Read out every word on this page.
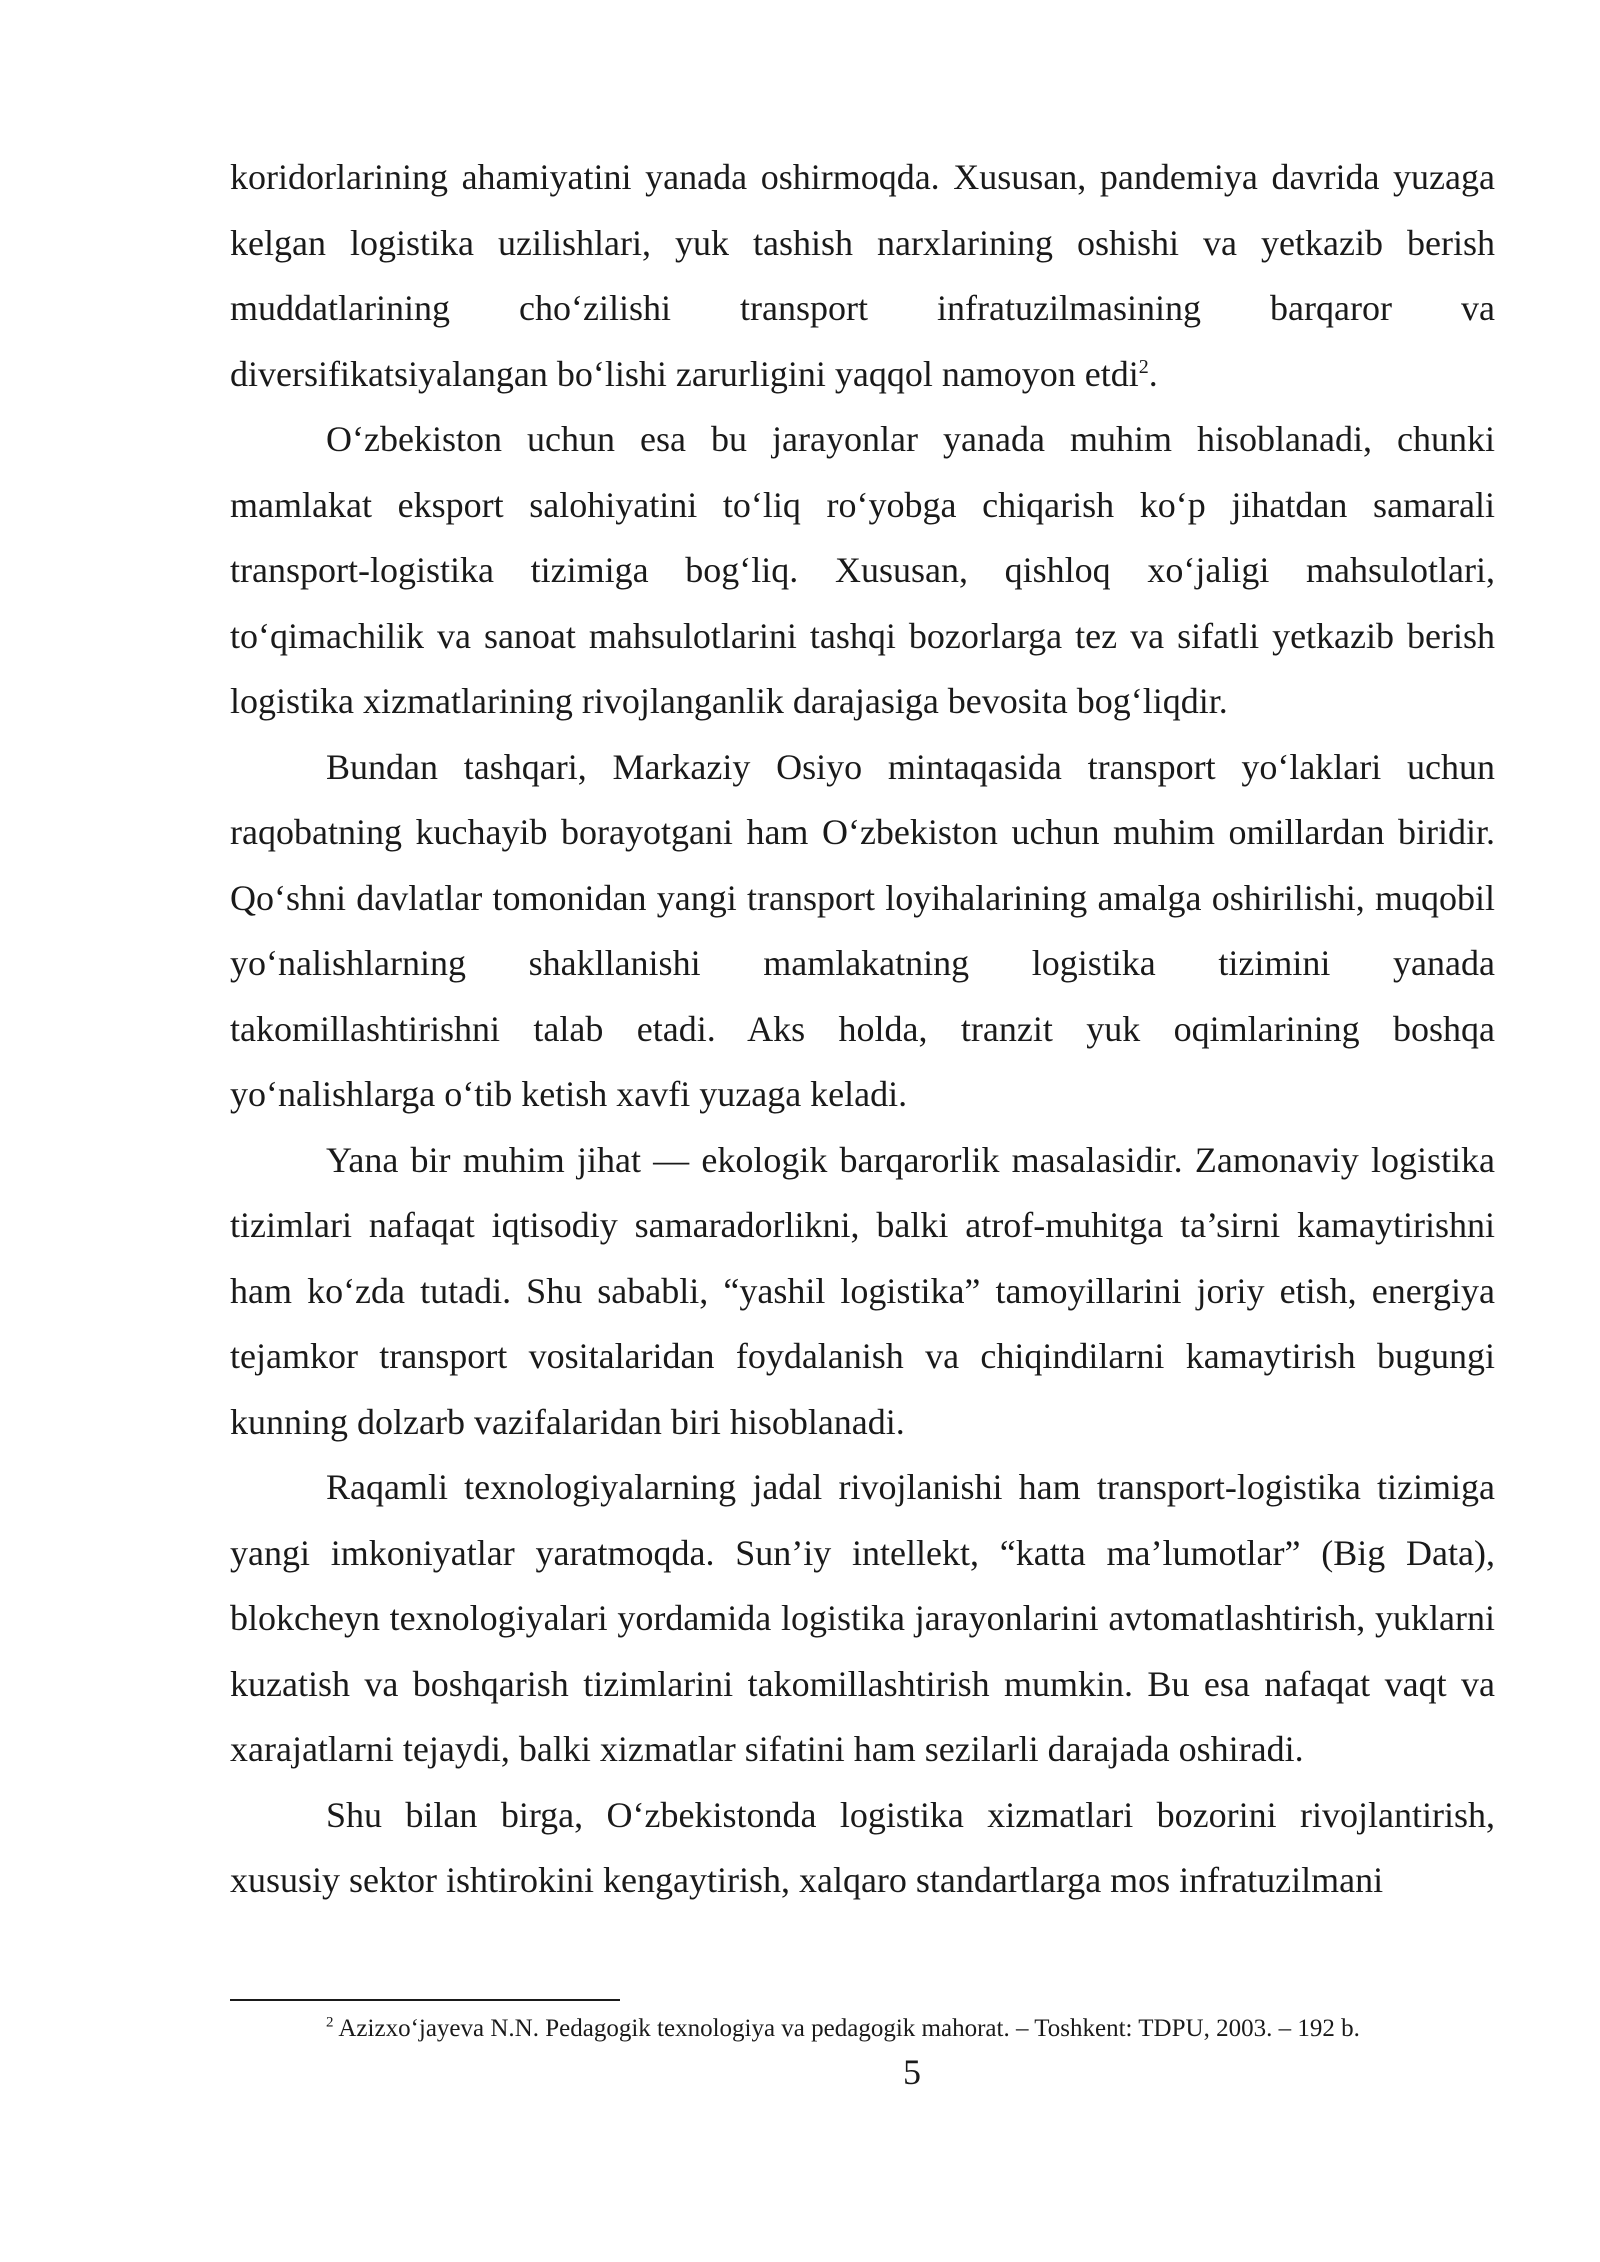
koridorlarining ahamiyatini yanada oshirmoqda. Xususan, pandemiya davrida yuzaga kelgan logistika uzilishlari, yuk tashish narxlarining oshishi va yetkazib berish muddatlarining cho‘zilishi transport infratuzilmasining barqaror va diversifikatsiyalangan bo‘lishi zarurligini yaqqol namoyon etdi$^2$.

O‘zbekiston uchun esa bu jarayonlar yanada muhim hisoblanadi, chunki mamlakat eksport salohiyatini to‘liq ro‘yobga chiqarish ko‘p jihatdan samarali transport-logistika tizimiga bog‘liq. Xususan, qishloq xo‘jaligi mahsulotlari, to‘qimachilik va sanoat mahsulotlarini tashqi bozorlarga tez va sifatli yetkazib berish logistika xizmatlarining rivojlanganlik darajasiga bevosita bog‘liqdir.

Bundan tashqari, Markaziy Osiyo mintaqasida transport yo‘laklari uchun raqobatning kuchayib borayotgani ham O‘zbekiston uchun muhim omillardan biridir. Qo‘shni davlatlar tomonidan yangi transport loyihalarining amalga oshirilishi, muqobil yo‘nalishlarning shakllanishi mamlakatning logistika tizimini yanada takomillashtirishni talab etadi. Aks holda, tranzit yuk oqimlarining boshqa yo‘nalishlarga o‘tib ketish xavfi yuzaga keladi.

Yana bir muhim jihat — ekologik barqarorlik masalasidir. Zamonaviy logistika tizimlari nafaqat iqtisodiy samaradorlikni, balki atrof-muhitga ta’sirni kamaytirishni ham ko‘zda tutadi. Shu sababli, “yashil logistika” tamoyillarini joriy etish, energiya tejamkor transport vositalaridan foydalanish va chiqindilarni kamaytirish bugungi kunning dolzarb vazifalaridan biri hisoblanadi.

Raqamli texnologiyalarning jadal rivojlanishi ham transport-logistika tizimiga yangi imkoniyatlar yaratmoqda. Sun’iy intellekt, “katta ma’lumotlar” (Big Data), blokcheyn texnologiyalari yordamida logistika jarayonlarini avtomatlashtirish, yuklarni kuzatish va boshqarish tizimlarini takomillashtirish mumkin. Bu esa nafaqat vaqt va xarajatlarni tejaydi, balki xizmatlar sifatini ham sezilarli darajada oshiradi.

Shu bilan birga, O‘zbekistonda logistika xizmatlari bozorini rivojlantirish, xususiy sektor ishtirokini kengaytirish, xalqaro standartlarga mos infratuzilmani

$^2$ Azizxo‘jayeva N.N. Pedagogik texnologiya va pedagogik mahorat. – Toshkent: TDPU, 2003. – 192 b.
5
